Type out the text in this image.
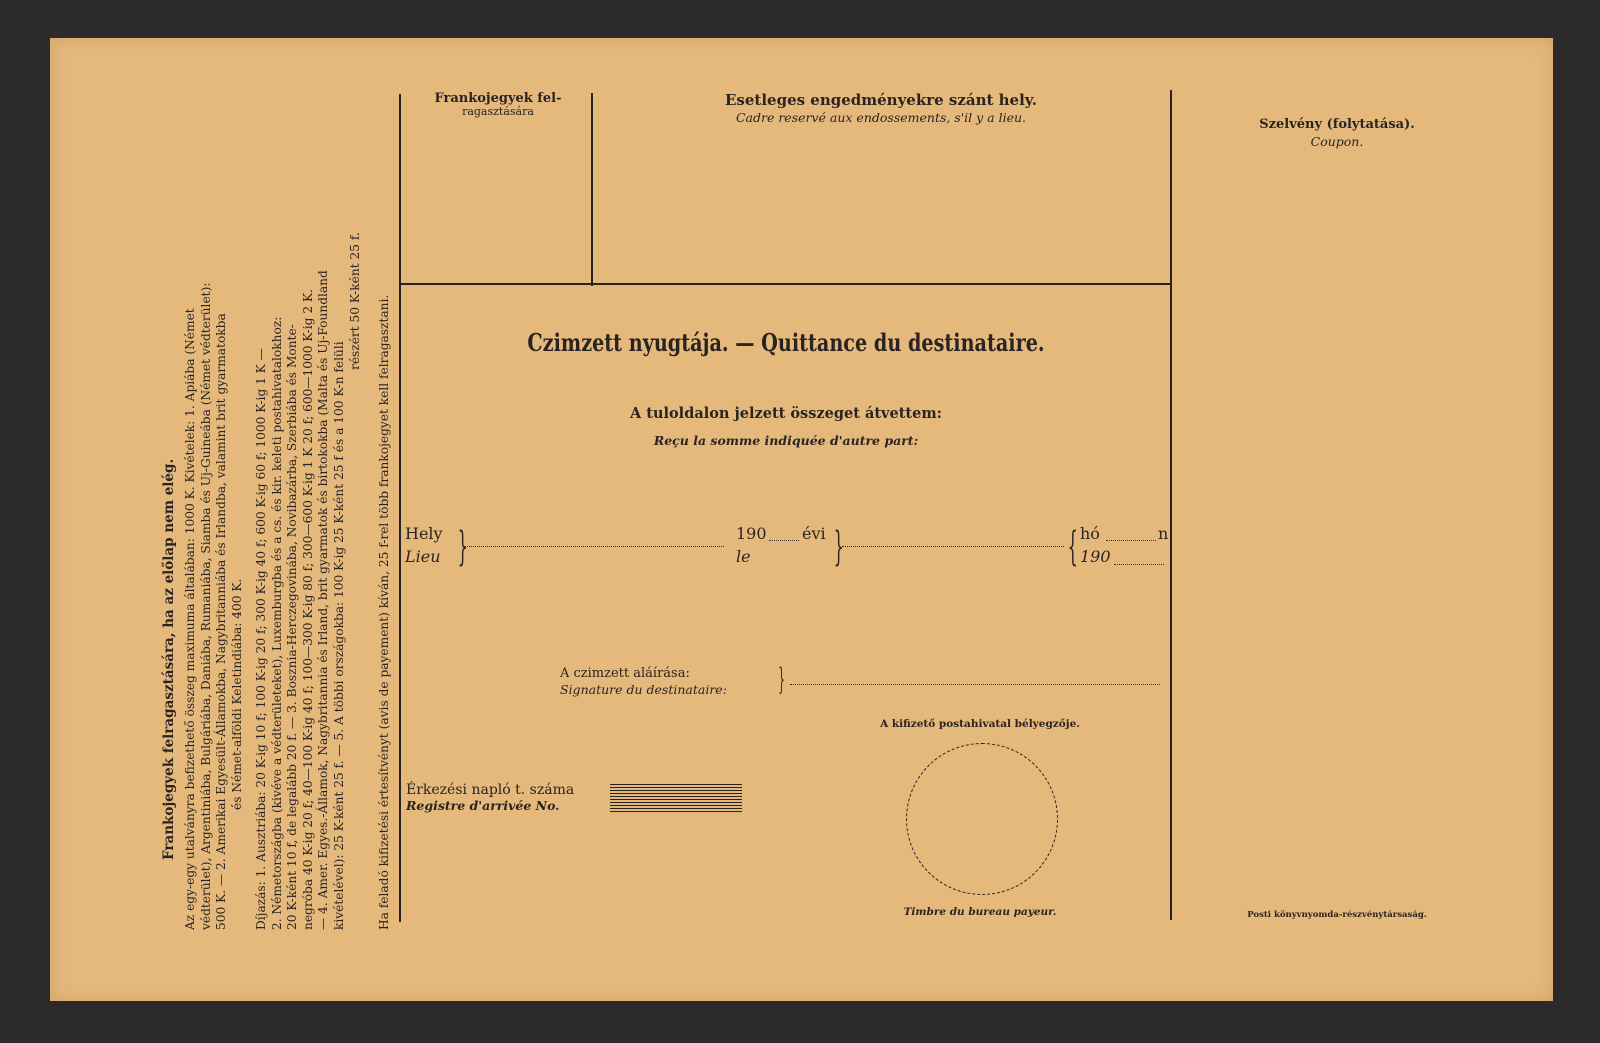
Frankojegyek felragasztására, ha az előlap nem elég. Az egy-egy utalványra befizethető összeg maximuma általában: 1000 K. Kivételek: 1. Apiába (Német védterület), Argentiniába, Bulgáriába, Daniába, Rumaniába, Siamba és Uj-Guineába (Német védterület): 500 K. — 2. Amerikai Egyesült-Államokba, Nagybritanniába és Irlandba, valamint brit gyarmatokba és Német-alföldi Keletindiába: 400 K. Díjazás: 1. Ausztriába: 20 K-ig 10 f; 100 K-ig 20 f; 300 K-ig 40 f; 600 K-ig 60 f; 1000 K-ig 1 K — 2. Németországba (kivéve a védterületeket), Luxemburgba és a cs. és kir. keleti postahivatalokhoz: 20 K-ként 10 f, de legalább 20 f. — 3. Bosznia-Herczegovinába, Novibazárba, Szerbiába és Monte- negróba 40 K-ig 20 f; 40—100 K-ig 40 f; 100—300 K-ig 80 f; 300—600 K-ig 1 K 20 f; 600—1000 K-ig 2 K. — 4. Amer. Egyes.-Államok, Nagybritannia és Irland, brit gyarmatok és birtokokba (Malta és Uj-Foundland kivételével): 25 K-ként 25 f. — 5. A többi országokba: 100 K-ig 25 K-ként 25 f és a 100 K-n felüli
részért 50 K-ként 25 f. Ha feladó kifizetési értesítvényt (avis de payement) kíván, 25 f-rel több frankojegyet kell felragasztani.
Frankojegyek fel-
ragasztására
Esetleges engedményekre szánt hely.
Cadre reservé aux endossements, s'il y a lieu.	Szelvény (folytatása).
Coupon.
Czimzett nyugtája. — Quittance du destinataire.
A tuloldalon jelzett összeget átvettem:
Reçu la somme indiquée d'autre part:
Hely
Lieu }	190 évi
le }	{ hó	n
190
A czimzett aláírása:
Signature du destinataire: }
A kifizető postahivatal bélyegzője.
Timbre du bureau payeur.
Érkezési napló t. száma
Registre d'arrivée No.
Posti könyvnyomda-részvénytársaság.
